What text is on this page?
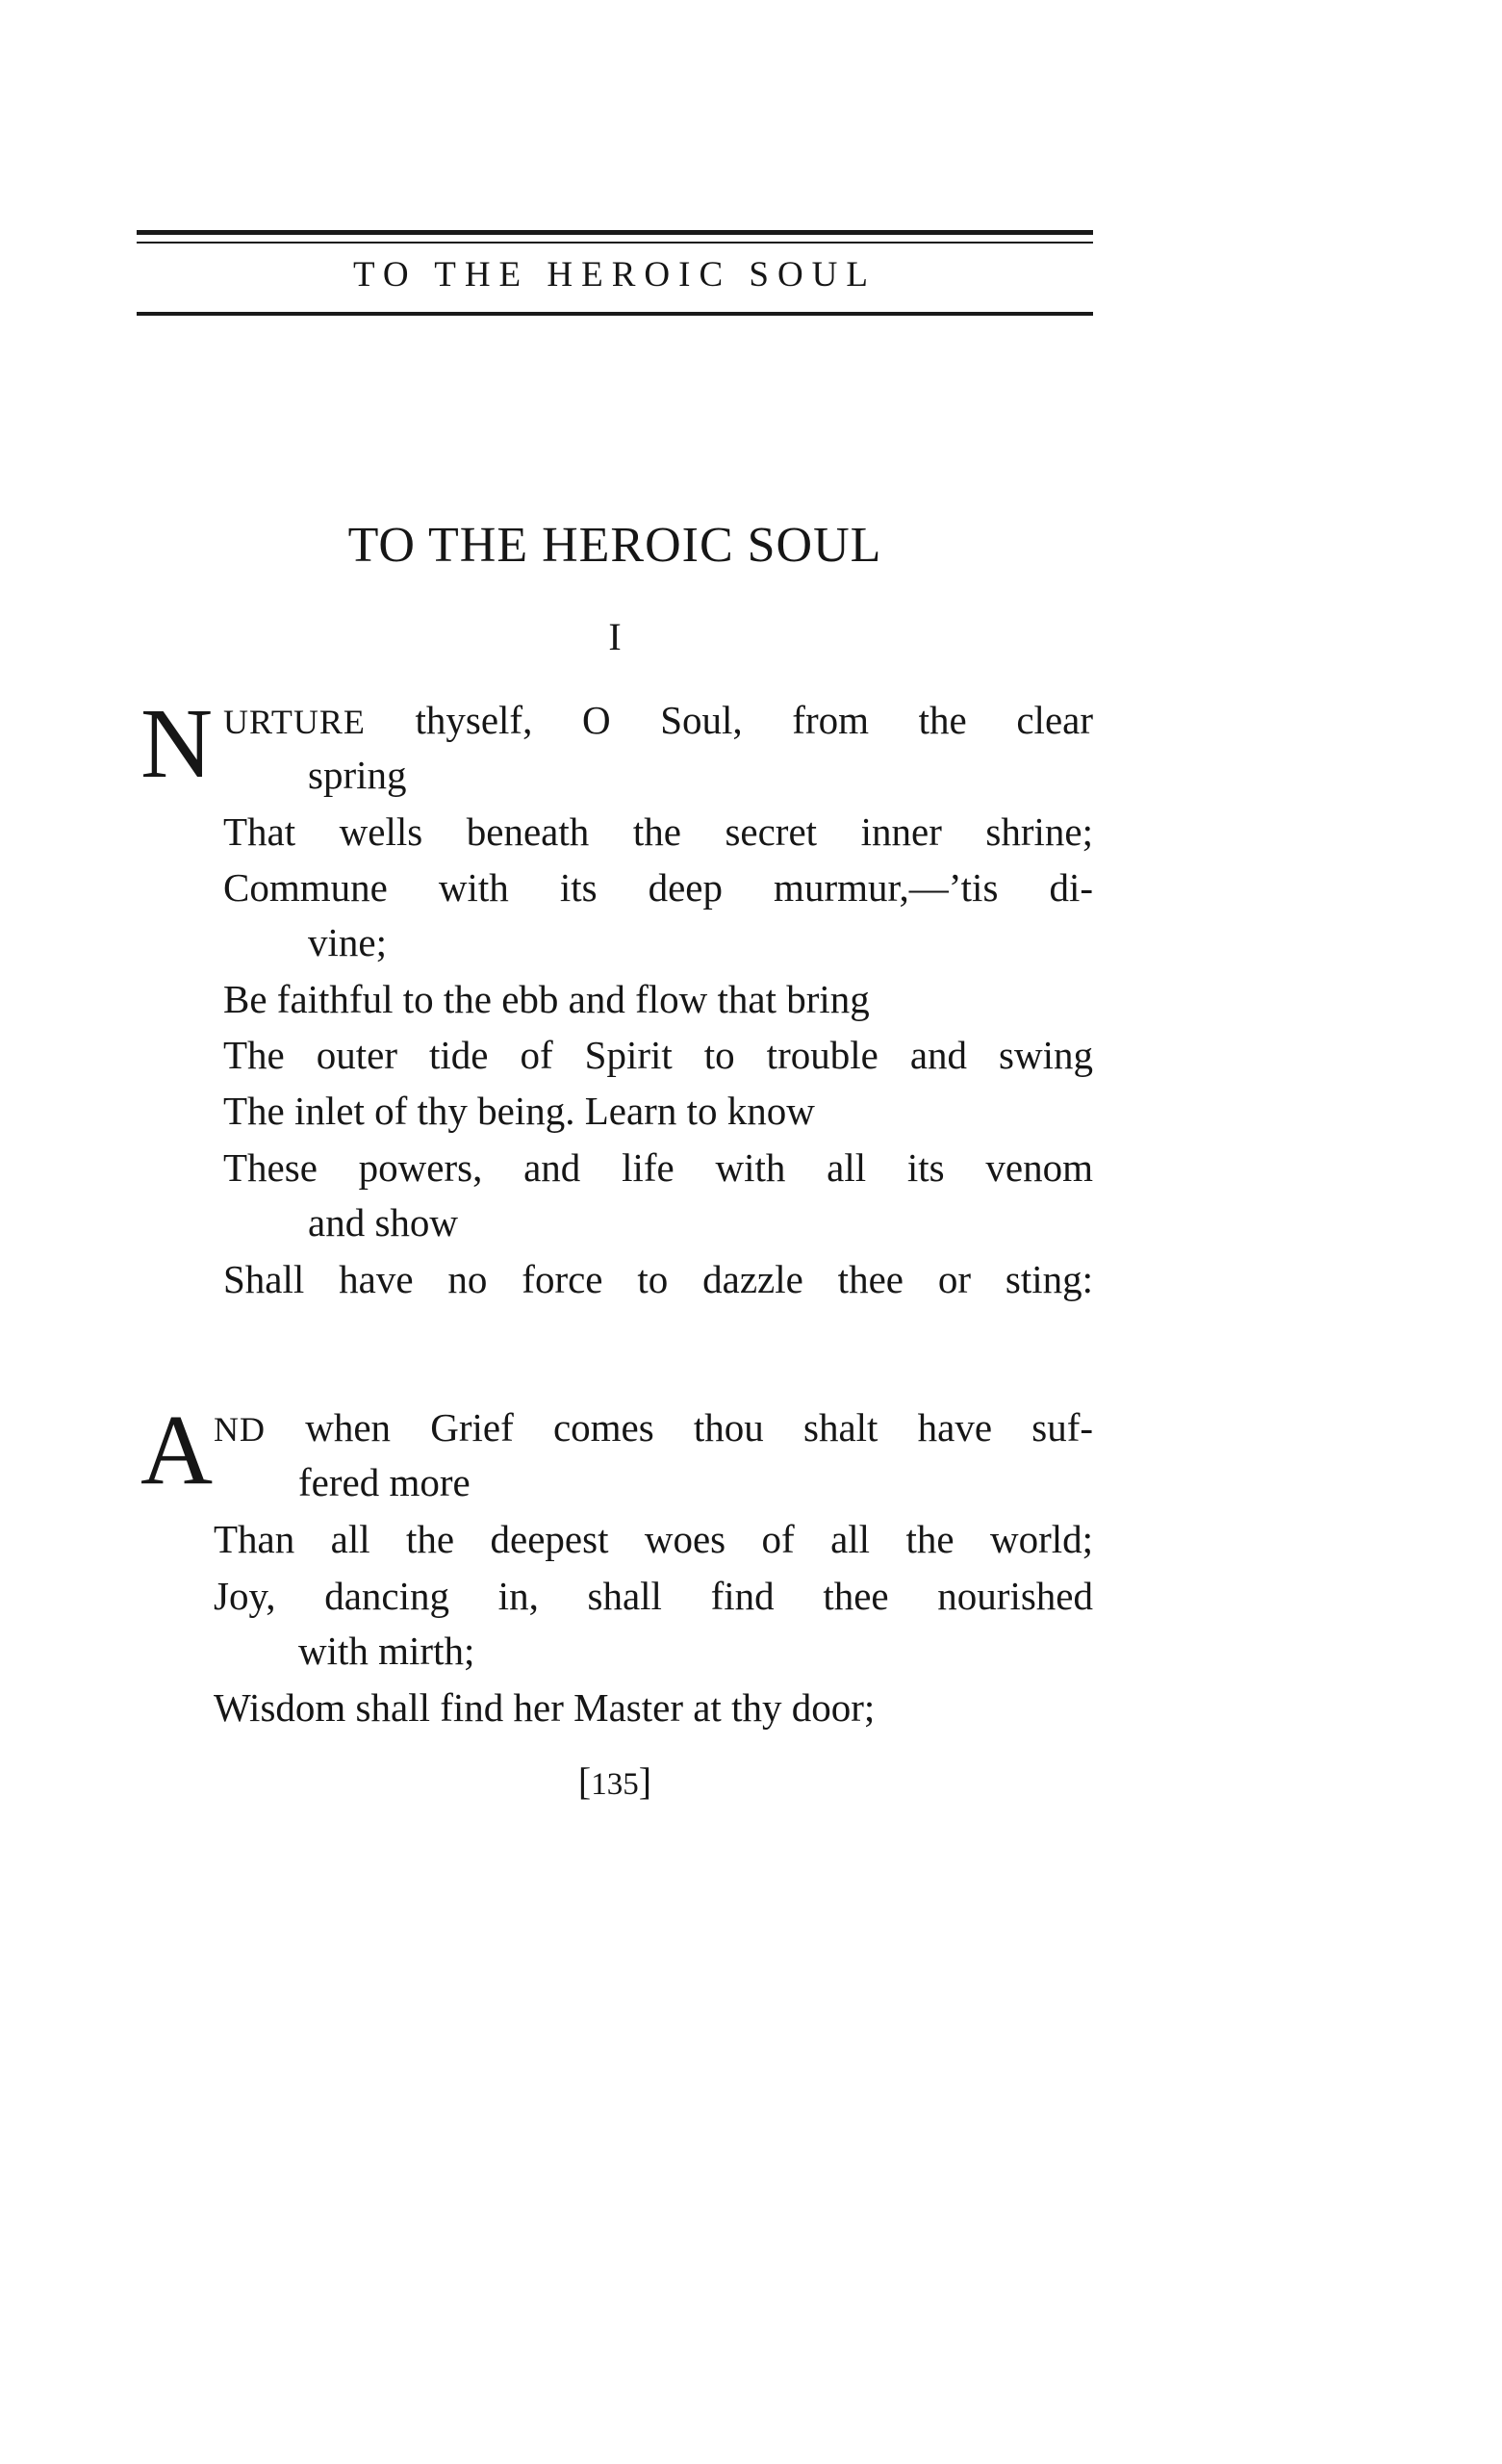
TO THE HEROIC SOUL
TO THE HEROIC SOUL
I
N URTURE thyself, O Soul, from the clear
spring
That wells beneath the secret inner shrine;
Commune with its deep murmur,—’tis di-
vine;
Be faithful to the ebb and flow that bring
The outer tide of Spirit to trouble and swing
The inlet of thy being. Learn to know
These powers, and life with all its venom
and show
Shall have no force to dazzle thee or sting:
A ND when Grief comes thou shalt have suf-
fered more
Than all the deepest woes of all the world;
Joy, dancing in, shall find thee nourished
with mirth;
Wisdom shall find her Master at thy door;
[135]
